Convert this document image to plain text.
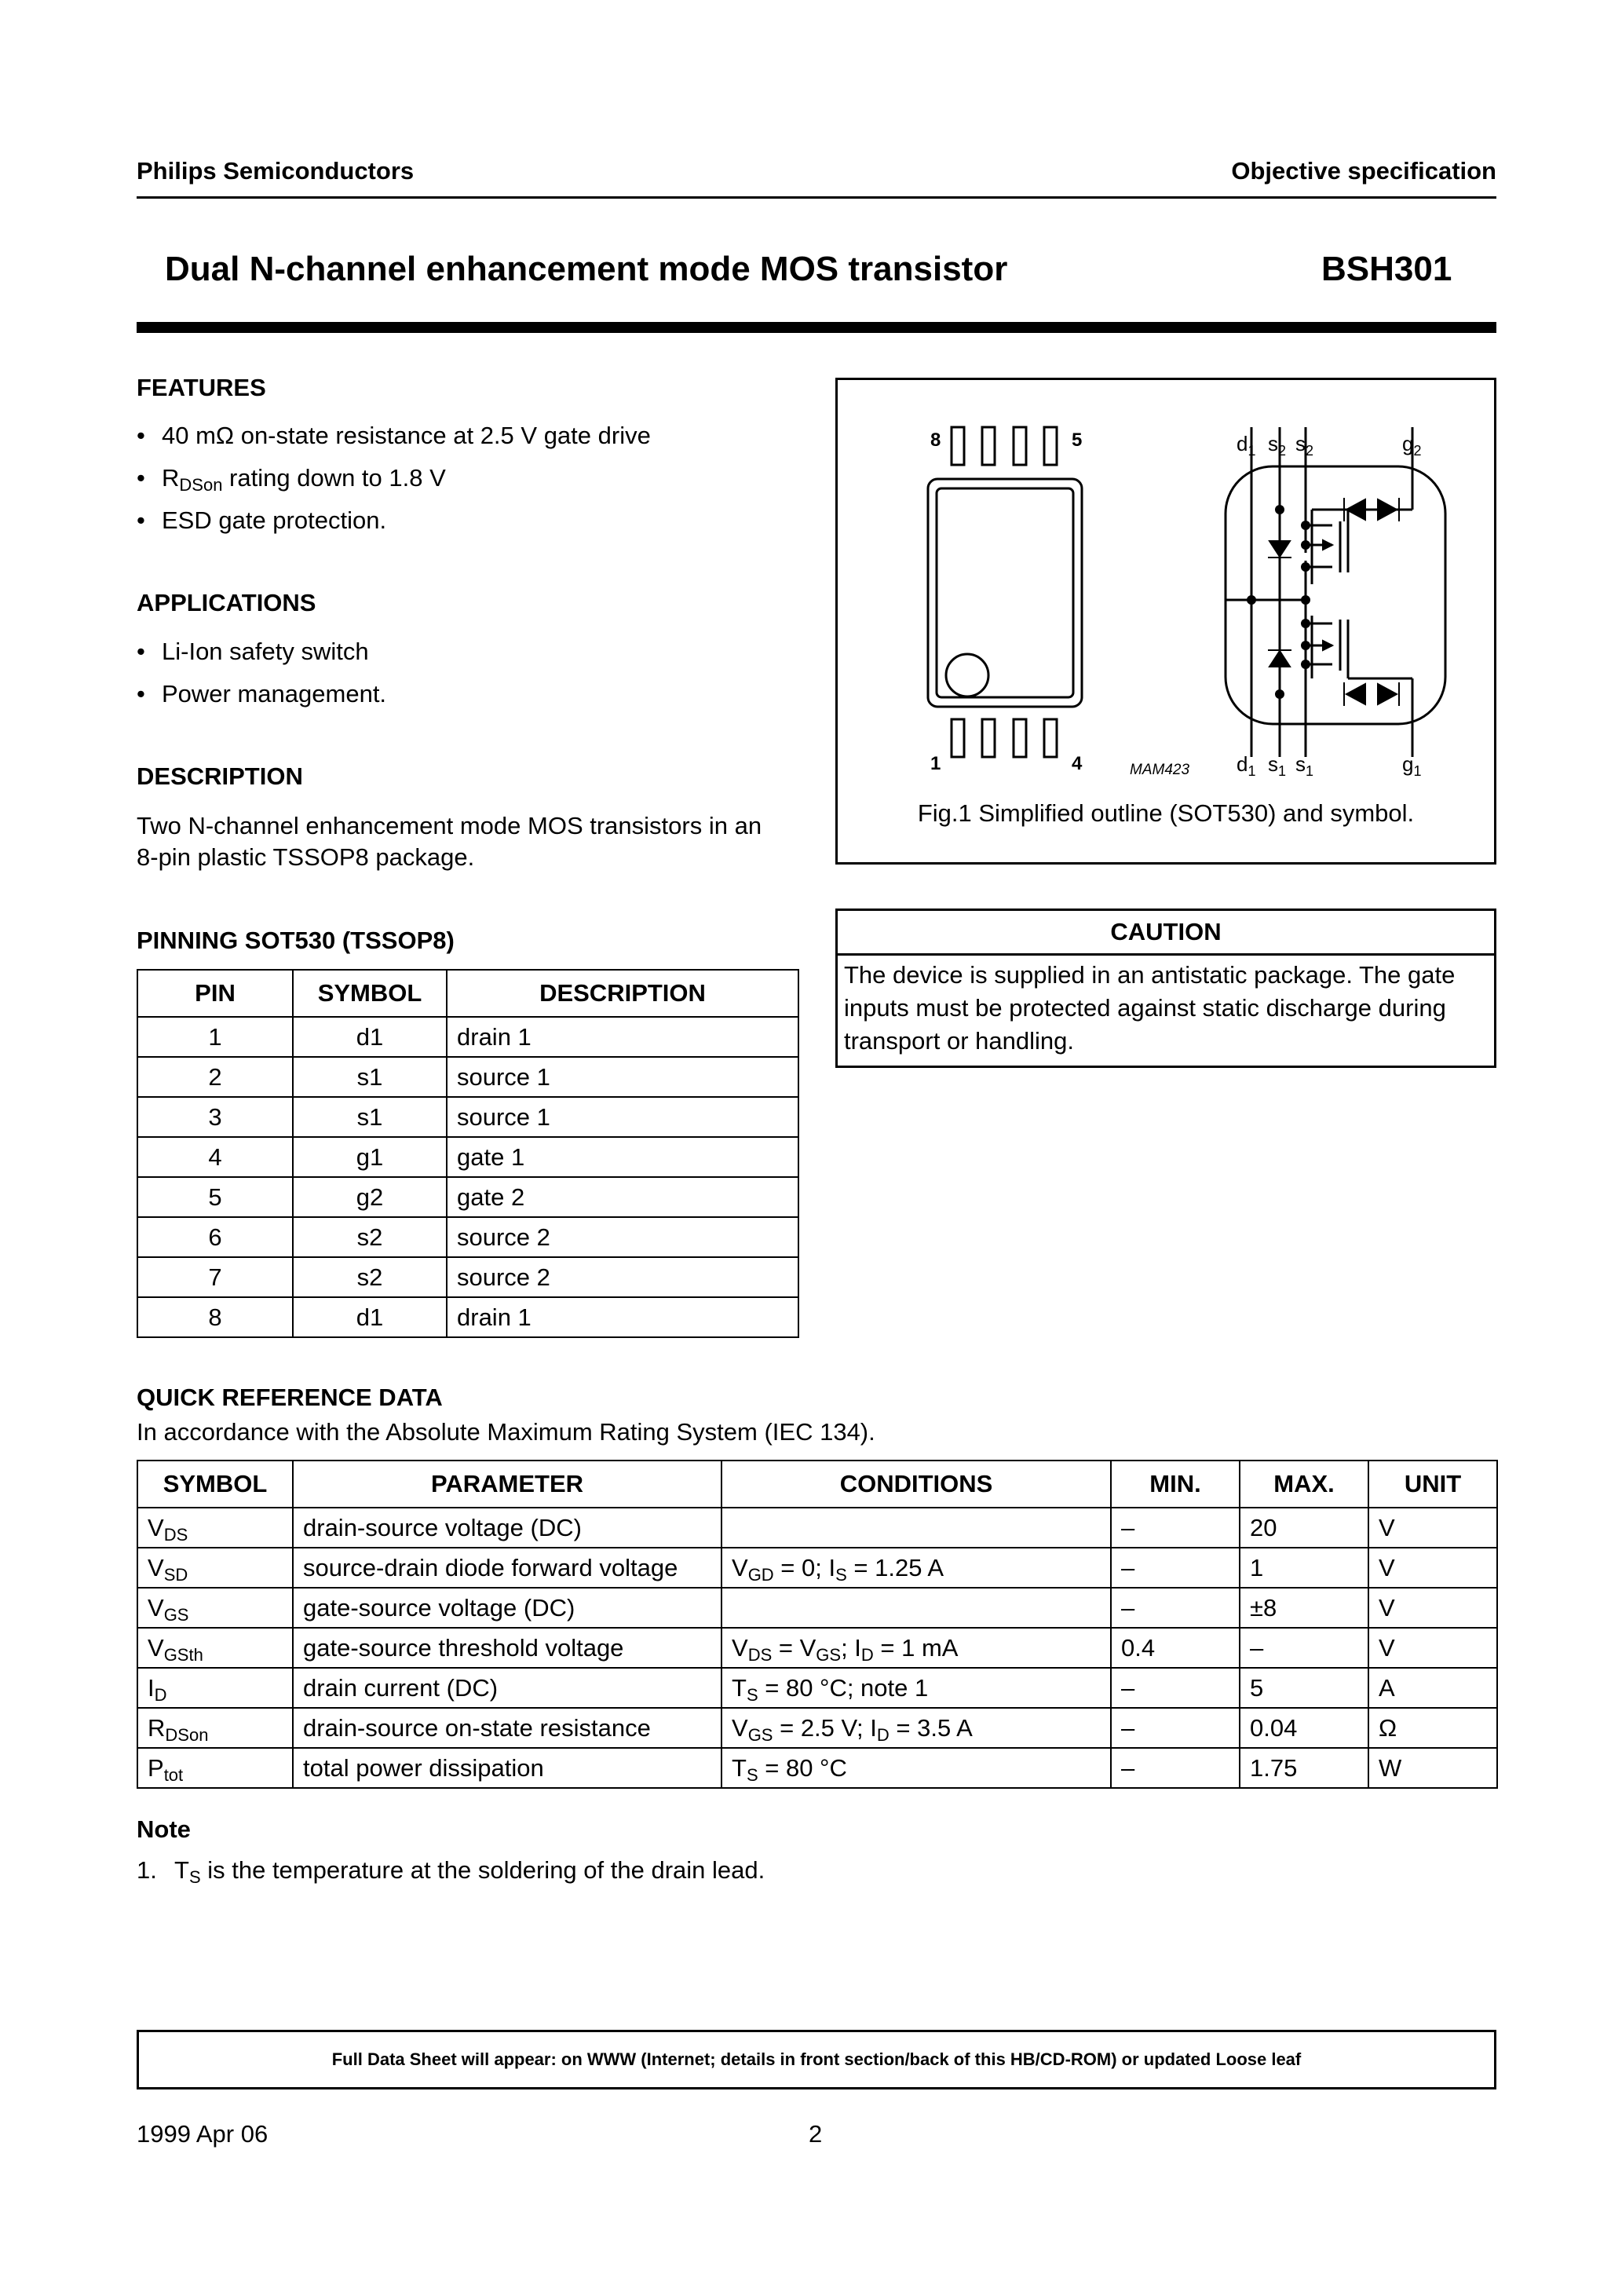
Philips Semiconductors	Objective specification
Dual N-channel enhancement mode MOS transistor	BSH301
FEATURES
• 40 mΩ on-state resistance at 2.5 V gate drive
• $R_{DSon}$ rating down to 1.8 V
• ESD gate protection.
APPLICATIONS
• Li-Ion safety switch
• Power management.
DESCRIPTION
Two N-channel enhancement mode MOS transistors in an
8-pin plastic TSSOP8 package.
8	5
1	4	MAM423
$d_1$ $s_2$ $s_2$	$g_2$
$d_1$ $s_1$ $s_1$	$g_1$
Fig.1 Simplified outline (SOT530) and symbol.
CAUTION
The device is supplied in an antistatic package. The gate
inputs must be protected against static discharge during
transport or handling.
PINNING SOT530 (TSSOP8)
PIN	SYMBOL	DESCRIPTION
1	d1	drain 1
2	s1	source 1
3	s1	source 1
4	g1	gate 1
5	g2	gate 2
6	s2	source 2
7	s2	source 2
8	d1	drain 1
QUICK REFERENCE DATA
In accordance with the Absolute Maximum Rating System (IEC 134).
SYMBOL	PARAMETER	CONDITIONS	MIN.	MAX.	UNIT
$V_{DS}$	drain-source voltage (DC)		–	20	V
$V_{SD}$	source-drain diode forward voltage	$V_{GD} = 0$; $I_S = 1.25$ A	–	1	V
$V_{GS}$	gate-source voltage (DC)		–	±8	V
$V_{GSth}$	gate-source threshold voltage	$V_{DS} = V_{GS}$; $I_D = 1$ mA	0.4	–	V
$I_D$	drain current (DC)	$T_S = 80$ °C; note 1	–	5	A
$R_{DSon}$	drain-source on-state resistance	$V_{GS} = 2.5$ V; $I_D = 3.5$ A	–	0.04	Ω
$P_{tot}$	total power dissipation	$T_S = 80$ °C	–	1.75	W
Note
1. $T_S$ is the temperature at the soldering of the drain lead.
Full Data Sheet will appear: on WWW (Internet; details in front section/back of this HB/CD-ROM) or updated Loose leaf
1999 Apr 06	2
